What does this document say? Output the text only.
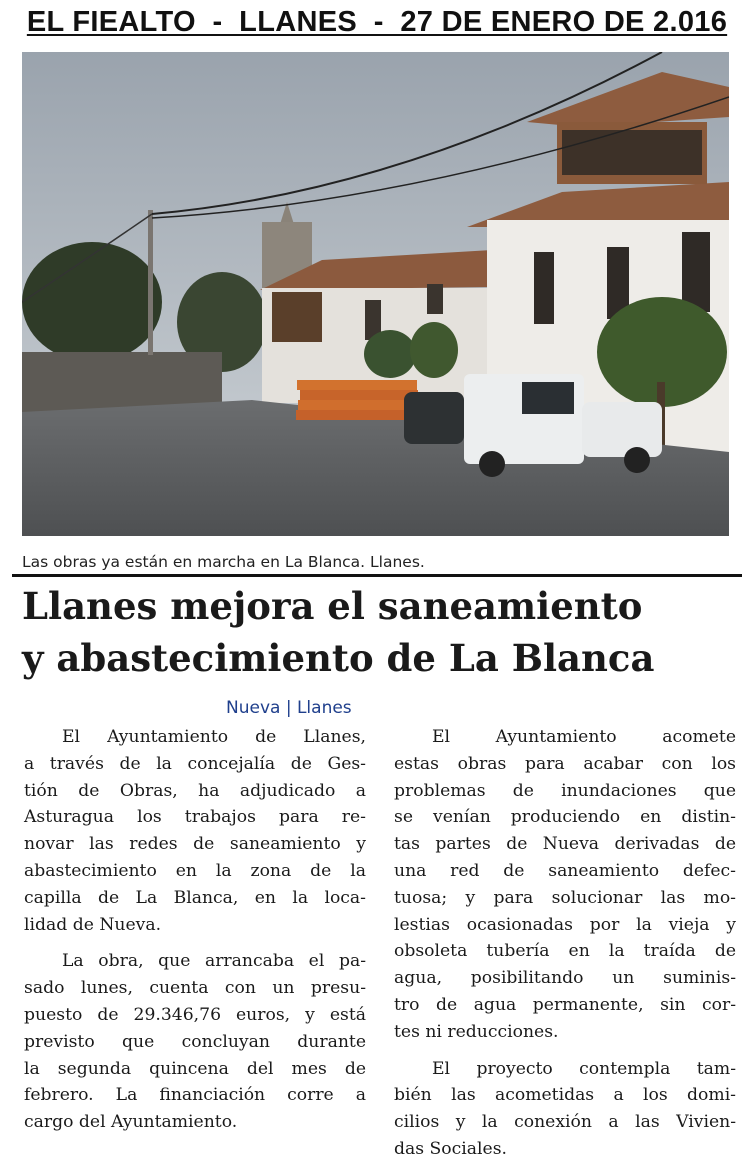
EL FIEALTO  -  LLANES  -  27 DE ENERO DE 2.016
Las obras ya están en marcha en La Blanca. Llanes.
Llanes mejora el saneamiento
y abastecimiento de La Blanca
Nueva | Llanes
El Ayuntamiento de Llanes,
a través de la concejalía de Ges-
tión de Obras, ha adjudicado a
Asturagua los trabajos para re-
novar las redes de saneamiento y
abastecimiento en la zona de la
capilla de La Blanca, en la loca-
lidad de Nueva.
La obra, que arrancaba el pa-
sado lunes, cuenta con un presu-
puesto de 29.346,76 euros, y está
previsto que concluyan durante
la segunda quincena del mes de
febrero. La financiación corre a
cargo del Ayuntamiento.
El Ayuntamiento acomete
estas obras para acabar con los
problemas de inundaciones que
se venían produciendo en distin-
tas partes de Nueva derivadas de
una red de saneamiento defec-
tuosa; y para solucionar las mo-
lestias ocasionadas por la vieja y
obsoleta tubería en la traída de
agua, posibilitando un suminis-
tro de agua permanente, sin cor-
tes ni reducciones.
El proyecto contempla tam-
bién las acometidas a los domi-
cilios y la conexión a las Vivien-
das Sociales.
